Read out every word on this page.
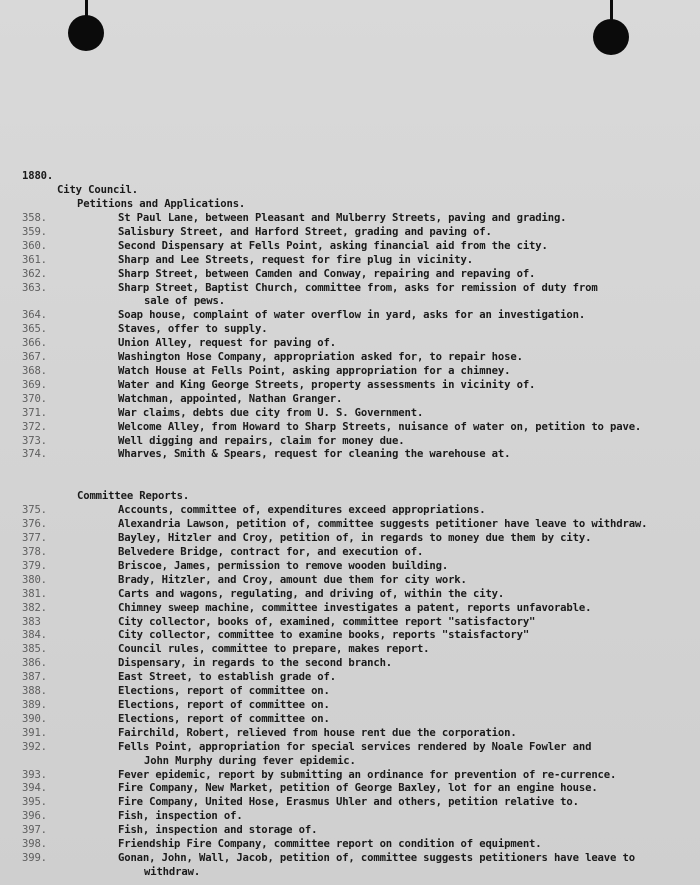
1880.
City Council.
Petitions and Applications.
358.	St Paul Lane, between Pleasant and Mulberry Streets, paving and grading.
359.	Salisbury Street, and Harford Street, grading and paving of.
360.	Second Dispensary at Fells Point, asking financial aid from the city.
361.	Sharp and Lee Streets, request for fire plug in vicinity.
362.	Sharp Street, between Camden and Conway, repairing and repaving of.
363.	Sharp Street, Baptist Church, committee from, asks for remission of duty from
sale of pews.
364.	Soap house, complaint of water overflow in yard, asks for an investigation.
365.	Staves, offer to supply.
366.	Union Alley, request for paving of.
367.	Washington Hose Company, appropriation asked for, to repair hose.
368.	Watch House at Fells Point, asking appropriation for a chimney.
369.	Water and King George Streets, property assessments in vicinity of.
370.	Watchman, appointed, Nathan Granger.
371.	War claims, debts due city from U. S. Government.
372.	Welcome Alley, from Howard to Sharp Streets, nuisance of water on, petition to pave.
373.	Well digging and repairs, claim for money due.
374.	Wharves, Smith & Spears, request for cleaning the warehouse at.
Committee Reports.
375.	Accounts, committee of, expenditures exceed appropriations.
376.	Alexandria Lawson, petition of, committee suggests petitioner have leave to withdraw.
377.	Bayley, Hitzler and Croy, petition of, in regards to money due them by city.
378.	Belvedere Bridge, contract for, and execution of.
379.	Briscoe, James, permission to remove wooden building.
380.	Brady, Hitzler, and Croy, amount due them for city work.
381.	Carts and wagons, regulating, and driving of, within the city.
382.	Chimney sweep machine, committee investigates a patent, reports unfavorable.
383	City collector, books of, examined, committee report "satisfactory"
384.	City collector, committee to examine books, reports "staisfactory"
385.	Council rules, committee to prepare, makes report.
386.	Dispensary, in regards to the second branch.
387.	East Street, to establish grade of.
388.	Elections, report of committee on.
389.	Elections, report of committee on.
390.	Elections, report of committee on.
391.	Fairchild, Robert, relieved from house rent due the corporation.
392.	Fells Point, appropriation for special services rendered by Noale Fowler and
John Murphy during fever epidemic.
393.	Fever epidemic, report by submitting an ordinance for prevention of re-currence.
394.	Fire Company, New Market, petition of George Baxley, lot for an engine house.
395.	Fire Company, United Hose, Erasmus Uhler and others, petition relative to.
396.	Fish, inspection of.
397.	Fish, inspection and storage of.
398.	Friendship Fire Company, committee report on condition of equipment.
399.	Gonan, John, Wall, Jacob, petition of, committee suggests petitioners have leave to
withdraw.
